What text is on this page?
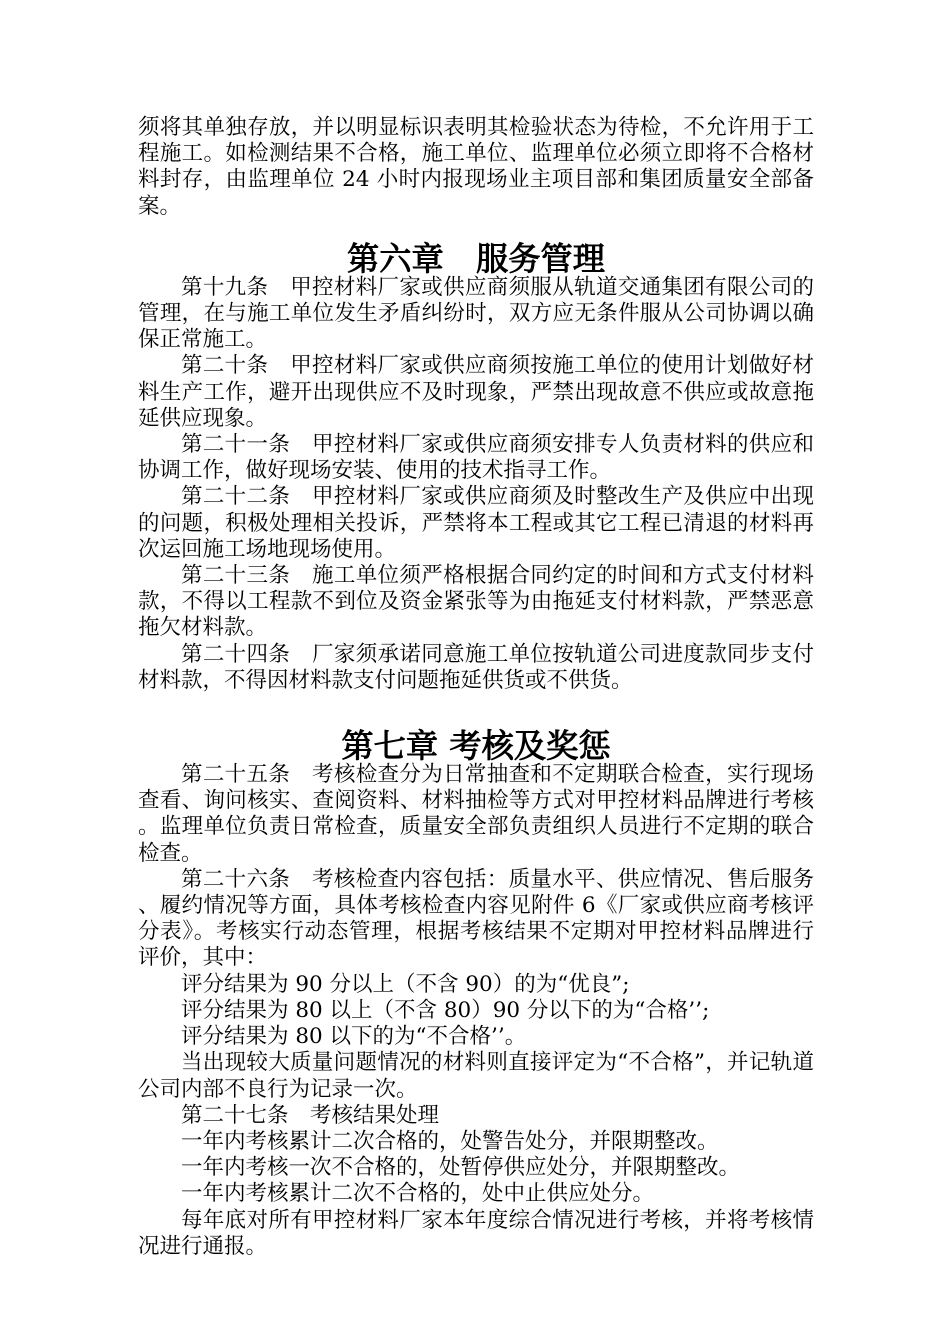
须将其单独存放，并以明显标识表明其检验状态为待检，不允许用于工程施工。如检测结果不合格，施工单位、监理单位必须立即将不合格材料封存，由监理单位 24 小时内报现场业主项目部和集团质量安全部备案。

第六章　服务管理

第十九条　甲控材料厂家或供应商须服从轨道交通集团有限公司的管理，在与施工单位发生矛盾纠纷时，双方应无条件服从公司协调以确保正常施工。

第二十条　甲控材料厂家或供应商须按施工单位的使用计划做好材料生产工作，避开出现供应不及时现象，严禁出现故意不供应或故意拖延供应现象。

第二十一条　甲控材料厂家或供应商须安排专人负责材料的供应和协调工作，做好现场安装、使用的技术指寻工作。

第二十二条　甲控材料厂家或供应商须及时整改生产及供应中出现的问题，积极处理相关投诉，严禁将本工程或其它工程已清退的材料再次运回施工场地现场使用。

第二十三条　施工单位须严格根据合同约定的时间和方式支付材料款，不得以工程款不到位及资金紧张等为由拖延支付材料款，严禁恶意拖欠材料款。

第二十四条　厂家须承诺同意施工单位按轨道公司进度款同步支付材料款，不得因材料款支付问题拖延供货或不供货。

第七章 考核及奖惩

第二十五条　考核检查分为日常抽查和不定期联合检查，实行现场查看、询问核实、查阅资料、材料抽检等方式对甲控材料品牌进行考核。监理单位负责日常检查，质量安全部负责组织人员进行不定期的联合检查。

第二十六条　考核检查内容包括：质量水平、供应情况、售后服务、履约情况等方面，具体考核检查内容见附件 6《厂家或供应商考核评分表》。考核实行动态管理，根据考核结果不定期对甲控材料品牌进行评价，其中：

评分结果为 90 分以上（不含 90）的为“优良”;

评分结果为 80 以上（不含 80）90 分以下的为“合格’’;

评分结果为 80 以下的为“不合格’’。

当出现较大质量问题情况的材料则直接评定为“不合格”，并记轨道公司内部不良行为记录一次。

第二十七条　考核结果处理

一年内考核累计二次合格的，处警告处分，并限期整改。

一年内考核一次不合格的，处暂停供应处分，并限期整改。

一年内考核累计二次不合格的，处中止供应处分。

每年底对所有甲控材料厂家本年度综合情况进行考核，并将考核情况进行通报。
